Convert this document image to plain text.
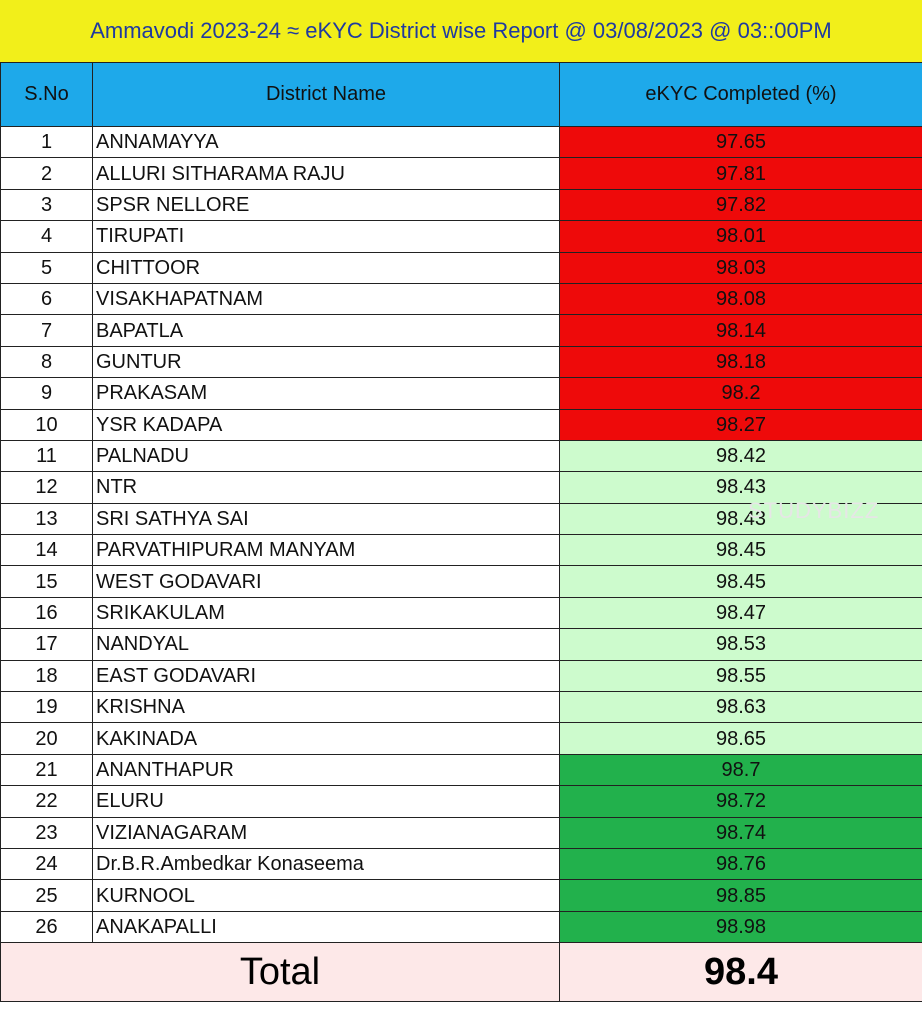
Ammavodi 2023-24 ≈ eKYC District wise Report @ 03/08/2023 @ 03::00PM
S.No	District Name	eKYC Completed (%)
1	ANNAMAYYA	97.65
2	ALLURI SITHARAMA RAJU	97.81
3	SPSR NELLORE	97.82
4	TIRUPATI	98.01
5	CHITTOOR	98.03
6	VISAKHAPATNAM	98.08
7	BAPATLA	98.14
8	GUNTUR	98.18
9	PRAKASAM	98.2
10	YSR KADAPA	98.27
11	PALNADU	98.42
12	NTR	98.43
13	SRI SATHYA SAI	98.43
14	PARVATHIPURAM MANYAM	98.45
15	WEST GODAVARI	98.45
16	SRIKAKULAM	98.47
17	NANDYAL	98.53
18	EAST GODAVARI	98.55
19	KRISHNA	98.63
20	KAKINADA	98.65
21	ANANTHAPUR	98.7
22	ELURU	98.72
23	VIZIANAGARAM	98.74
24	Dr.B.R.Ambedkar Konaseema	98.76
25	KURNOOL	98.85
26	ANAKAPALLI	98.98
Total		98.4
STUDYBIZZ
